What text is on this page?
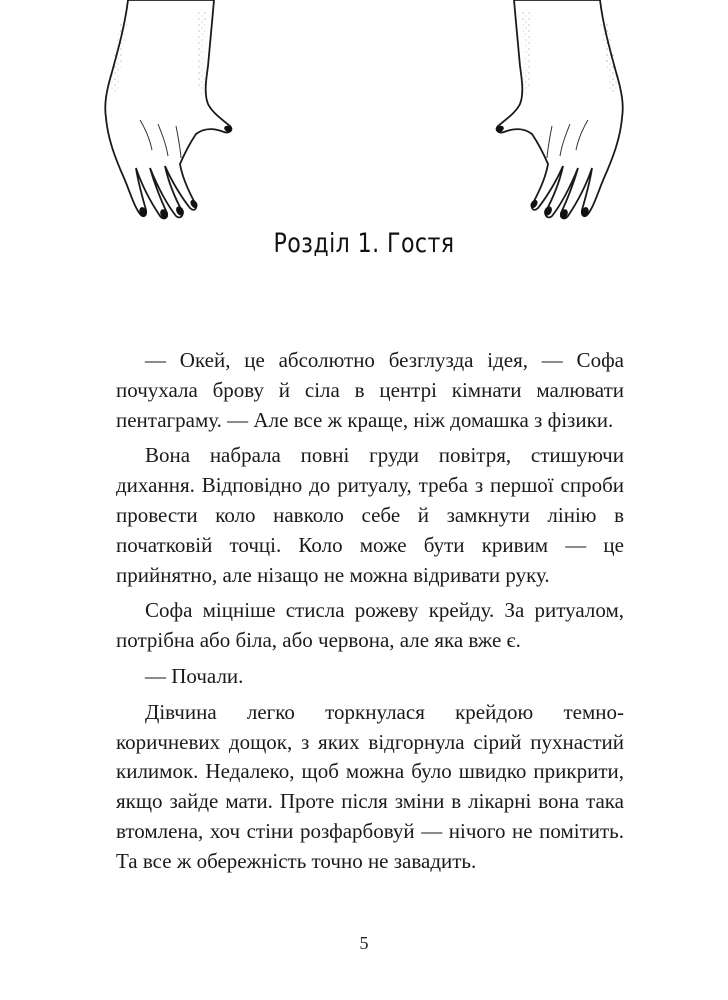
Розділ 1. Гостя

— Окей, це абсолютно безглузда ідея, — Софа почухала брову й сіла в центрі кімнати малювати пентаграму. — Але все ж краще, ніж домашка з фізики.

Вона набрала повні груди повітря, стишуючи дихання. Відповідно до ритуалу, треба з першої спроби провести коло навколо себе й замкнути лінію в початковій точці. Коло може бути кривим — це прийнятно, але нізащо не можна відривати руку.

Софа міцніше стисла рожеву крейду. За ритуалом, потрібна або біла, або червона, але яка вже є.

— Почали.

Дівчина легко торкнулася крейдою темно-коричневих дощок, з яких відгорнула сірий пухнастий килимок. Недалеко, щоб можна було швидко прикрити, якщо зайде мати. Проте після зміни в лікарні вона така втомлена, хоч стіни розфарбовуй — нічого не помітить. Та все ж обережність точно не завадить.

5
